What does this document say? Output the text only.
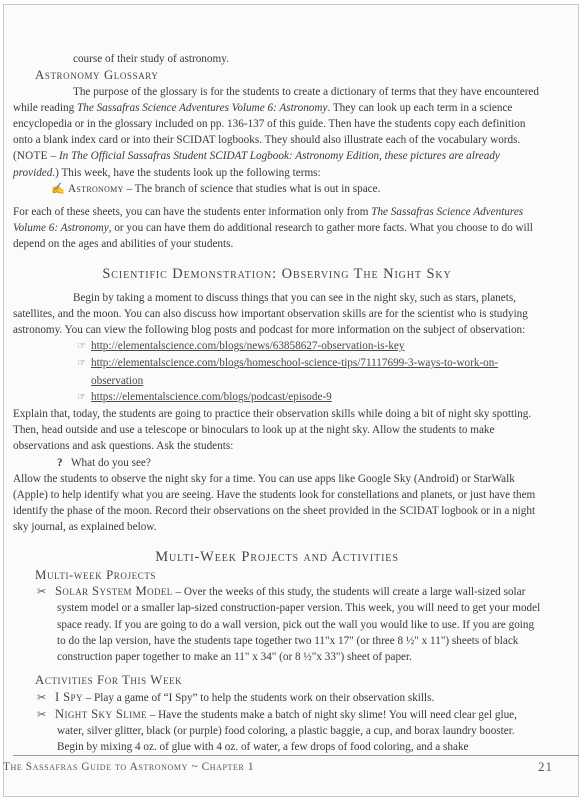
course of their study of astronomy.

Astronomy Glossary

The purpose of the glossary is for the students to create a dictionary of terms that they have encountered while reading The Sassafras Science Adventures Volume 6: Astronomy. They can look up each term in a science encyclopedia or in the glossary included on pp. 136-137 of this guide. Then have the students copy each definition onto a blank index card or into their SCIDAT logbooks. They should also illustrate each of the vocabulary words. (NOTE – In The Official Sassafras Student SCIDAT Logbook: Astronomy Edition, these pictures are already provided.) This week, have the students look up the following terms:

✍ Astronomy – The branch of science that studies what is out in space.

For each of these sheets, you can have the students enter information only from The Sassafras Science Adventures Volume 6: Astronomy, or you can have them do additional research to gather more facts. What you choose to do will depend on the ages and abilities of your students.

Scientific Demonstration: Observing The Night Sky

Begin by taking a moment to discuss things that you can see in the night sky, such as stars, planets, satellites, and the moon. You can also discuss how important observation skills are for the scientist who is studying astronomy. You can view the following blog posts and podcast for more information on the subject of observation:

☞ http://elementalscience.com/blogs/news/63858627-observation-is-key

☞ http://elementalscience.com/blogs/homeschool-science-tips/71117699-3-ways-to-work-on-observation

☞ https://elementalscience.com/blogs/podcast/episode-9

Explain that, today, the students are going to practice their observation skills while doing a bit of night sky spotting. Then, head outside and use a telescope or binoculars to look up at the night sky. Allow the students to make observations and ask questions. Ask the students:

? What do you see?

Allow the students to observe the night sky for a time. You can use apps like Google Sky (Android) or StarWalk (Apple) to help identify what you are seeing. Have the students look for constellations and planets, or just have them identify the phase of the moon. Record their observations on the sheet provided in the SCIDAT logbook or in a night sky journal, as explained below.

Multi-Week Projects and Activities
Multi-week Projects

✂ Solar System Model – Over the weeks of this study, the students will create a large wall-sized solar system model or a smaller lap-sized construction-paper version. This week, you will need to get your model space ready. If you are going to do a wall version, pick out the wall you would like to use. If you are going to do the lap version, have the students tape together two 11"x 17" (or three 8 ½" x 11") sheets of black construction paper together to make an 11" x 34" (or 8 ½"x 33") sheet of paper.

Activities For This Week

✂ I Spy – Play a game of “I Spy” to help the students work on their observation skills.

✂ Night Sky Slime – Have the students make a batch of night sky slime! You will need clear gel glue, water, silver glitter, black (or purple) food coloring, a plastic baggie, a cup, and borax laundry booster. Begin by mixing 4 oz. of glue with 4 oz. of water, a few drops of food coloring, and a shake

The Sassafras Guide to Astronomy ~ Chapter 1	21
